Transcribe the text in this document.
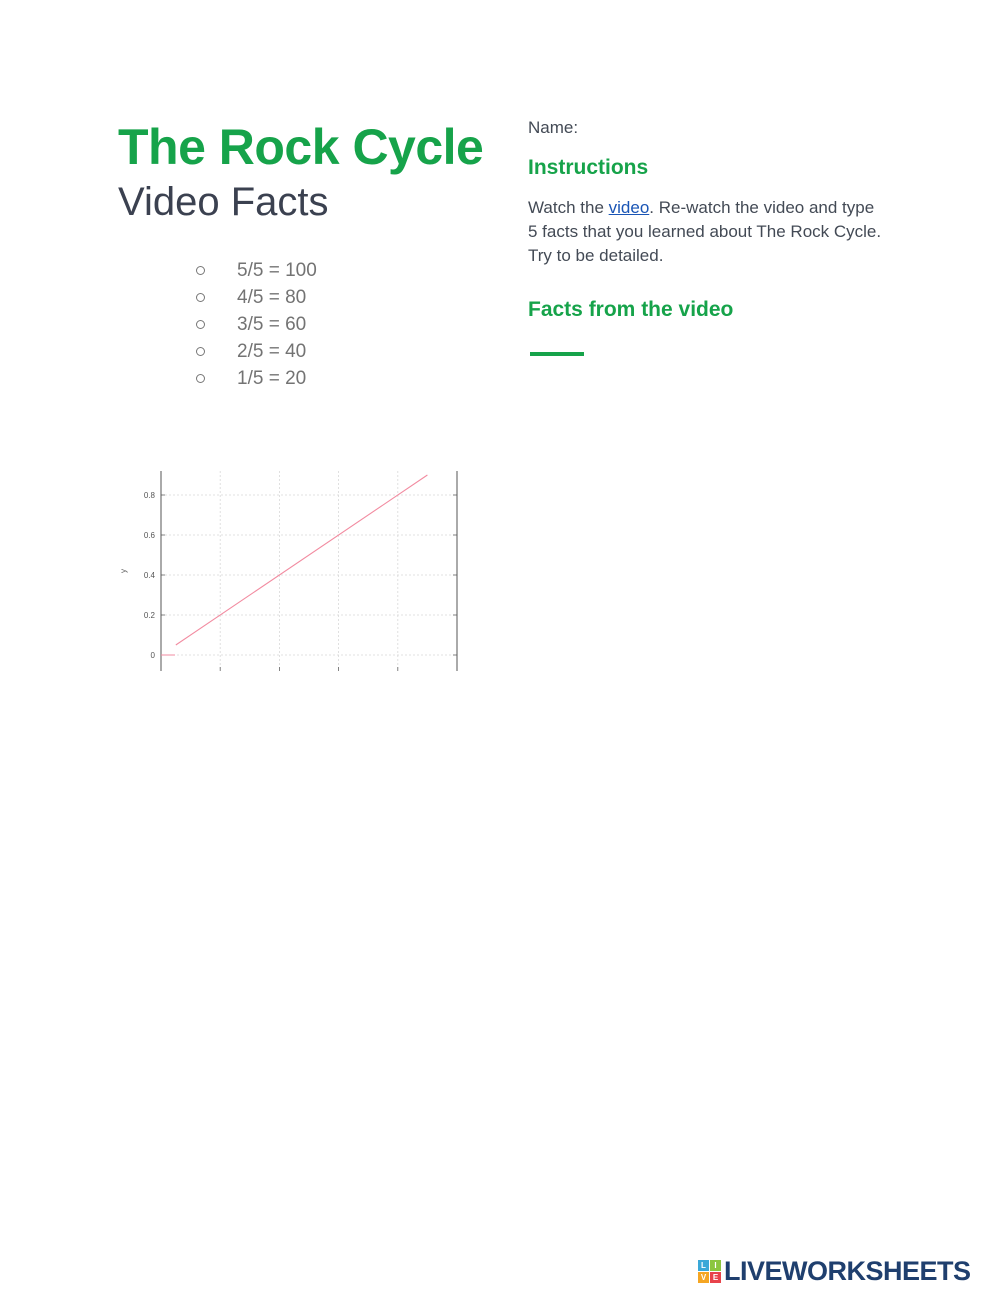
The Rock Cycle
Video Facts
5/5 = 100
4/5 = 80
3/5 = 60
2/5 = 40
1/5 = 20
Name:
Instructions

Watch the video. Re-watch the video and type 5 facts that you learned about The Rock Cycle. Try to be detailed.

Facts from the video
0
0.2
0.4
0.6
0.8
y
L	I
V E LIVEWORKSHEETS
